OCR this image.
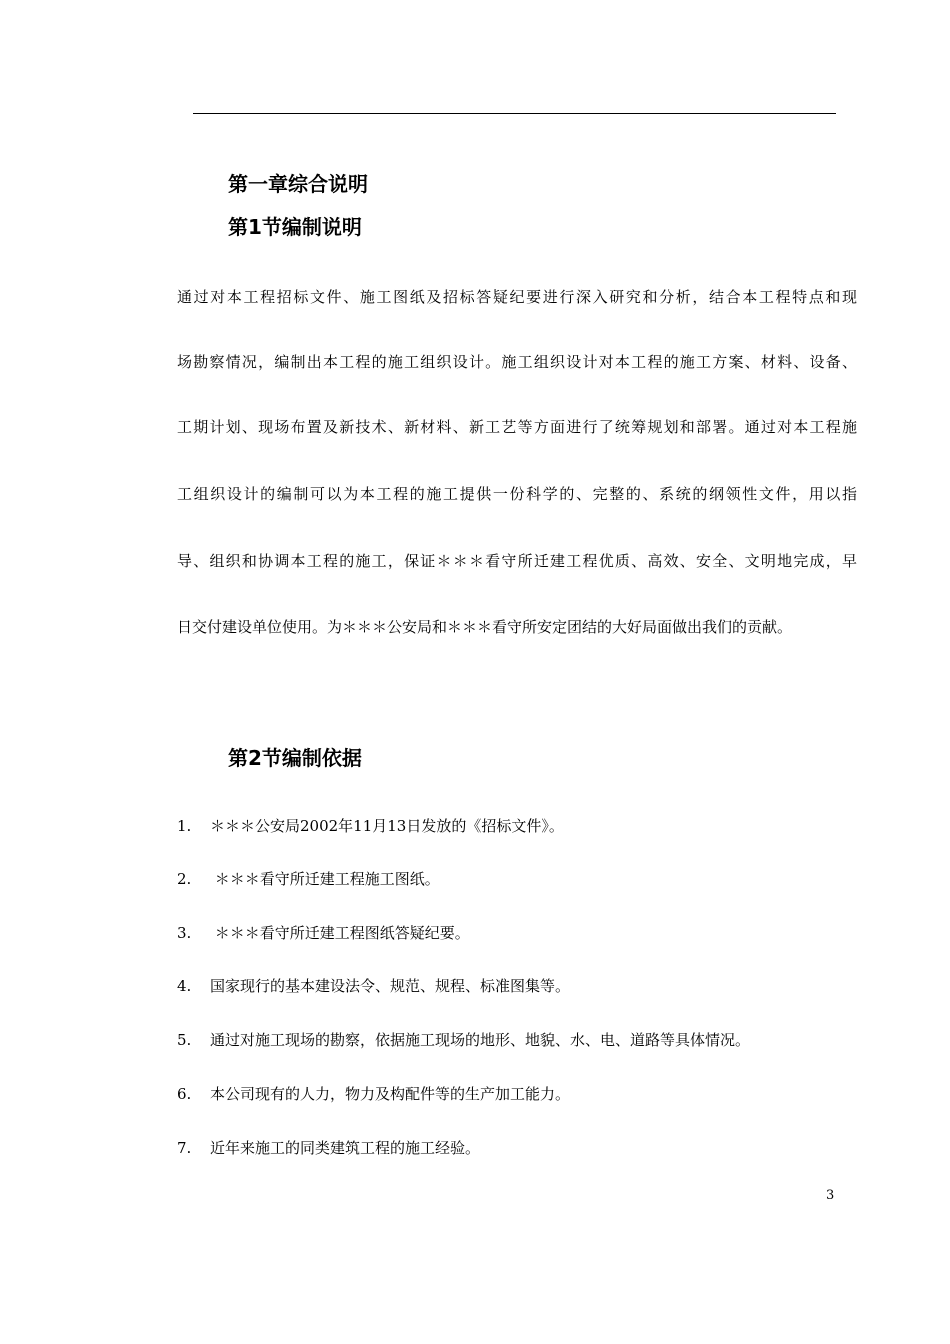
第一章综合说明
第1节编制说明
通过对本工程招标文件、施工图纸及招标答疑纪要进行深入研究和分析，结合本工程特点和现
场勘察情况，编制出本工程的施工组织设计。施工组织设计对本工程的施工方案、材料、设备、
工期计划、现场布置及新技术、新材料、新工艺等方面进行了统筹规划和部署。通过对本工程施
工组织设计的编制可以为本工程的施工提供一份科学的、完整的、系统的纲领性文件，用以指
导、组织和协调本工程的施工，保证＊＊＊看守所迁建工程优质、高效、安全、文明地完成，早
日交付建设单位使用。为＊＊＊公安局和＊＊＊看守所安定团结的大好局面做出我们的贡献。
第2节编制依据
1. ＊＊＊公安局2002年11月13日发放的《招标文件》。
2. ＊＊＊看守所迁建工程施工图纸。
3. ＊＊＊看守所迁建工程图纸答疑纪要。
4. 国家现行的基本建设法令、规范、规程、标准图集等。
5. 通过对施工现场的勘察，依据施工现场的地形、地貌、水、电、道路等具体情况。
6. 本公司现有的人力，物力及构配件等的生产加工能力。
7. 近年来施工的同类建筑工程的施工经验。
3
